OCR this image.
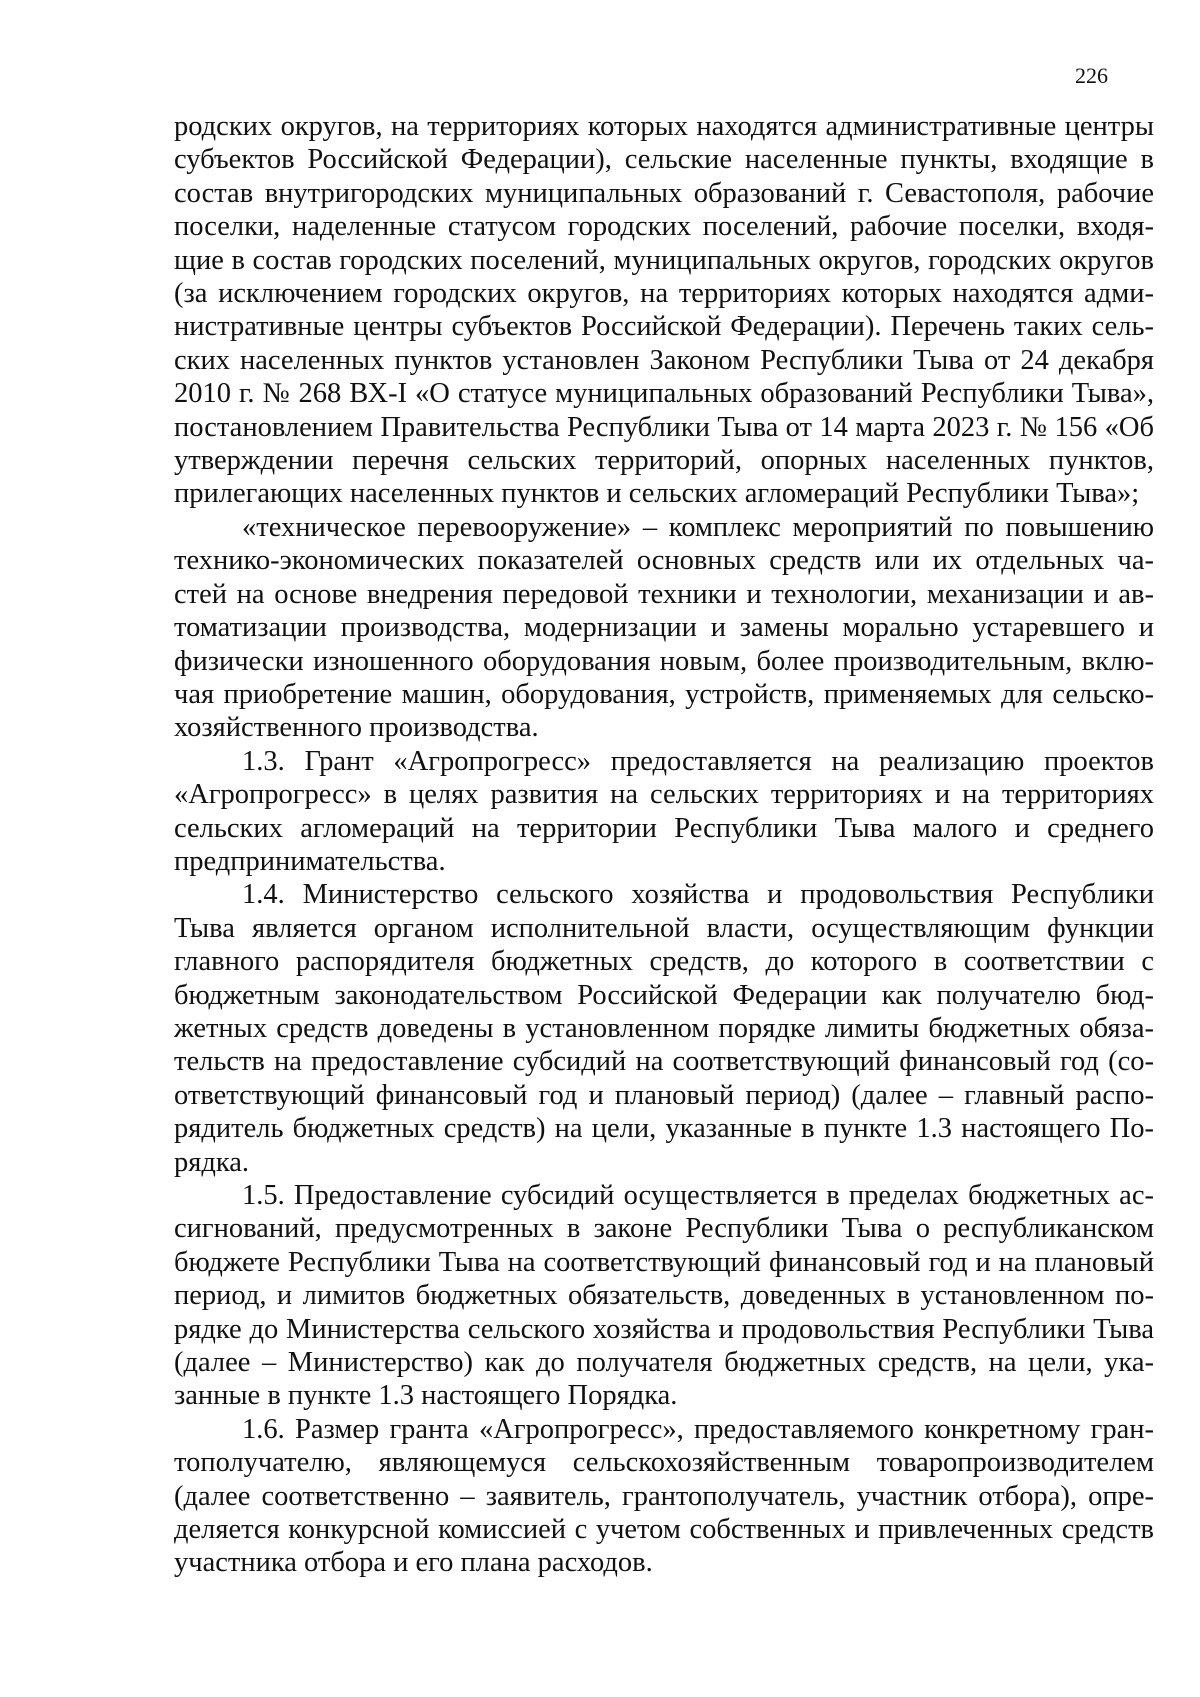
226

родских округов, на территориях которых находятся административные центры субъектов Российской Федерации), сельские населенные пункты, входящие в состав внутригородских муниципальных образований г. Севастополя, рабочие поселки, наделенные статусом городских поселений, рабочие поселки, входящие в состав городских поселений, муниципальных округов, городских округов (за исключением городских округов, на территориях которых находятся административные центры субъектов Российской Федерации). Перечень таких сельских населенных пунктов установлен Законом Республики Тыва от 24 декабря 2010 г. № 268 ВХ-I «О статусе муниципальных образований Республики Тыва», постановлением Правительства Республики Тыва от 14 марта 2023 г. № 156 «Об утверждении перечня сельских территорий, опорных населенных пунктов, прилегающих населенных пунктов и сельских агломераций Республики Тыва»;

«техническое перевооружение» – комплекс мероприятий по повышению технико-экономических показателей основных средств или их отдельных частей на основе внедрения передовой техники и технологии, механизации и автоматизации производства, модернизации и замены морально устаревшего и физически изношенного оборудования новым, более производительным, включая приобретение машин, оборудования, устройств, применяемых для сельскохозяйственного производства.

1.3. Грант «Агропрогресс» предоставляется на реализацию проектов «Агропрогресс» в целях развития на сельских территориях и на территориях сельских агломераций на территории Республики Тыва малого и среднего предпринимательства.

1.4. Министерство сельского хозяйства и продовольствия Республики Тыва является органом исполнительной власти, осуществляющим функции главного распорядителя бюджетных средств, до которого в соответствии с бюджетным законодательством Российской Федерации как получателю бюджетных средств доведены в установленном порядке лимиты бюджетных обязательств на предоставление субсидий на соответствующий финансовый год (соответствующий финансовый год и плановый период) (далее – главный распорядитель бюджетных средств) на цели, указанные в пункте 1.3 настоящего Порядка.

1.5. Предоставление субсидий осуществляется в пределах бюджетных ассигнований, предусмотренных в законе Республики Тыва о республиканском бюджете Республики Тыва на соответствующий финансовый год и на плановый период, и лимитов бюджетных обязательств, доведенных в установленном порядке до Министерства сельского хозяйства и продовольствия Республики Тыва (далее – Министерство) как до получателя бюджетных средств, на цели, указанные в пункте 1.3 настоящего Порядка.

1.6. Размер гранта «Агропрогресс», предоставляемого конкретному грантополучателю, являющемуся сельскохозяйственным товаропроизводителем (далее соответственно – заявитель, грантополучатель, участник отбора), определяется конкурсной комиссией с учетом собственных и привлеченных средств участника отбора и его плана расходов.
